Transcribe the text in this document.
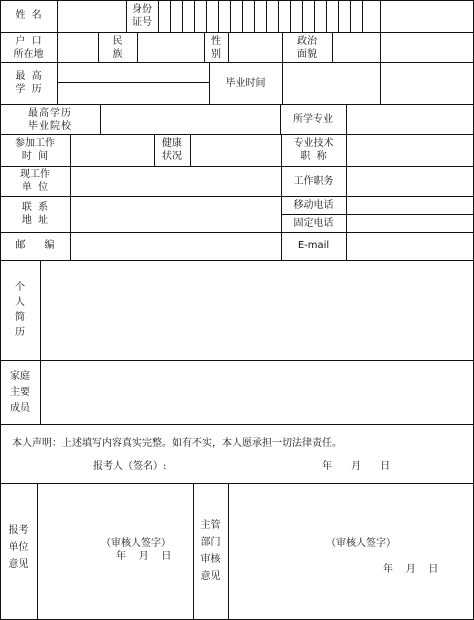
姓  名
身份
证号
户  口
所在地
民
族
性
别
政治
面貌
最  高
学  历
毕业时间
最高学历
毕业院校
所学专业
参加工作
时  间
健康
状况
专业技术
职  称
现工作
单  位
工作职务
联  系
地  址
移动电话
固定电话
邮      编	E-mail
个
人
简
历
家庭
主要
成员
本人声明：上述填写内容真实完整。如有不实，本人愿承担一切法律责任。
报考人（签名）:	年      月      日
报考
单位
意见
（审核人签字）
年    月    日
主管
部门
审核
意见
（审核人签字）
年    月    日
